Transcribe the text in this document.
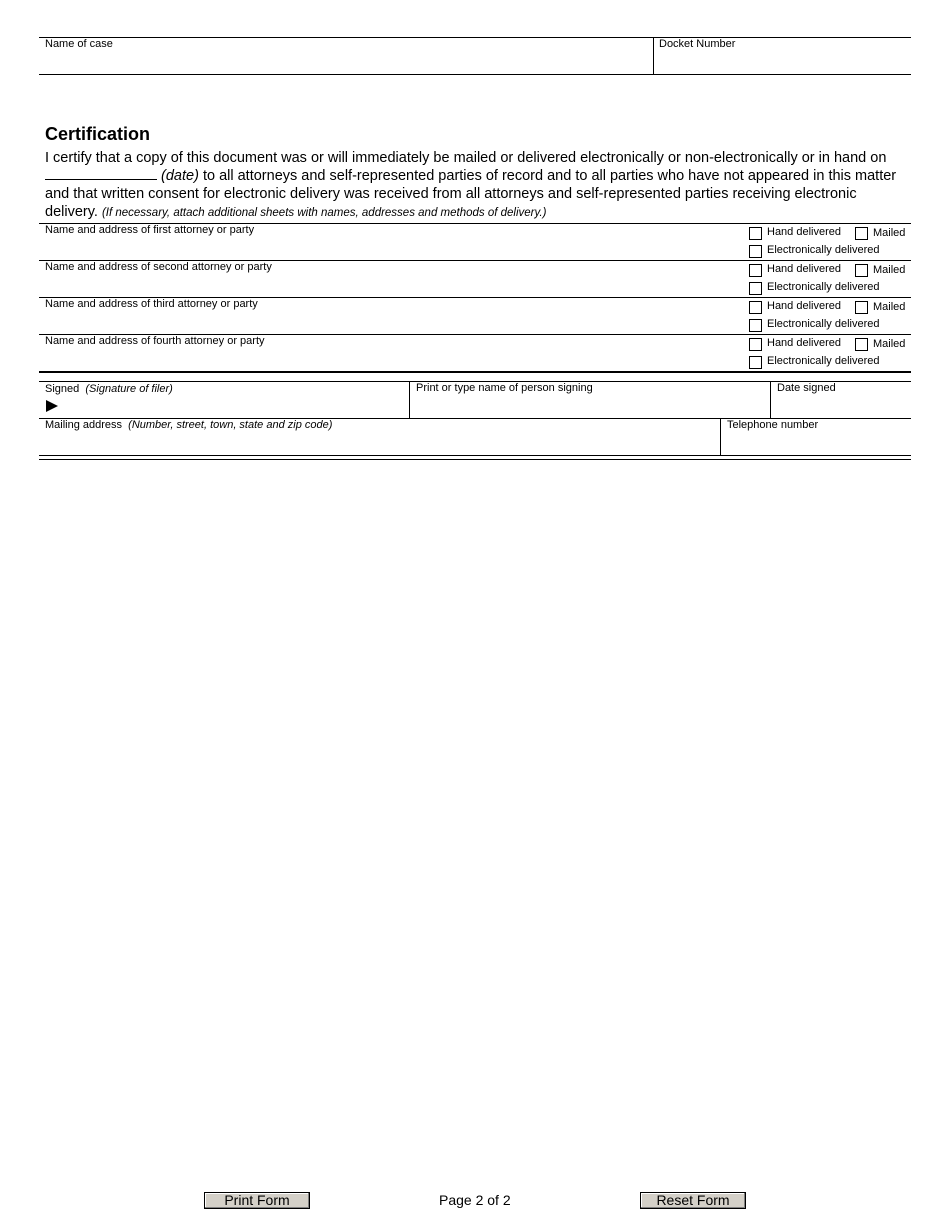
Name of case	Docket Number
Certification
I certify that a copy of this document was or will immediately be mailed or delivered electronically or non-electronically or in hand on  (date) to all attorneys and self-represented parties of record and to all parties who have not appeared in this matter and that written consent for electronic delivery was received from all attorneys and self-represented parties receiving electronic delivery. (If necessary, attach additional sheets with names, addresses and methods of delivery.)
Name and address of first attorney or party	Hand delivered	Mailed
Electronically delivered
Name and address of second attorney or party	Hand delivered	Mailed
Electronically delivered
Name and address of third attorney or party	Hand delivered	Mailed
Electronically delivered
Name and address of fourth attorney or party	Hand delivered	Mailed
Electronically delivered
Signed (Signature of filer)	Print or type name of person signing	Date signed
Mailing address (Number, street, town, state and zip code)	Telephone number
Print Form	Page 2 of 2	Reset Form
